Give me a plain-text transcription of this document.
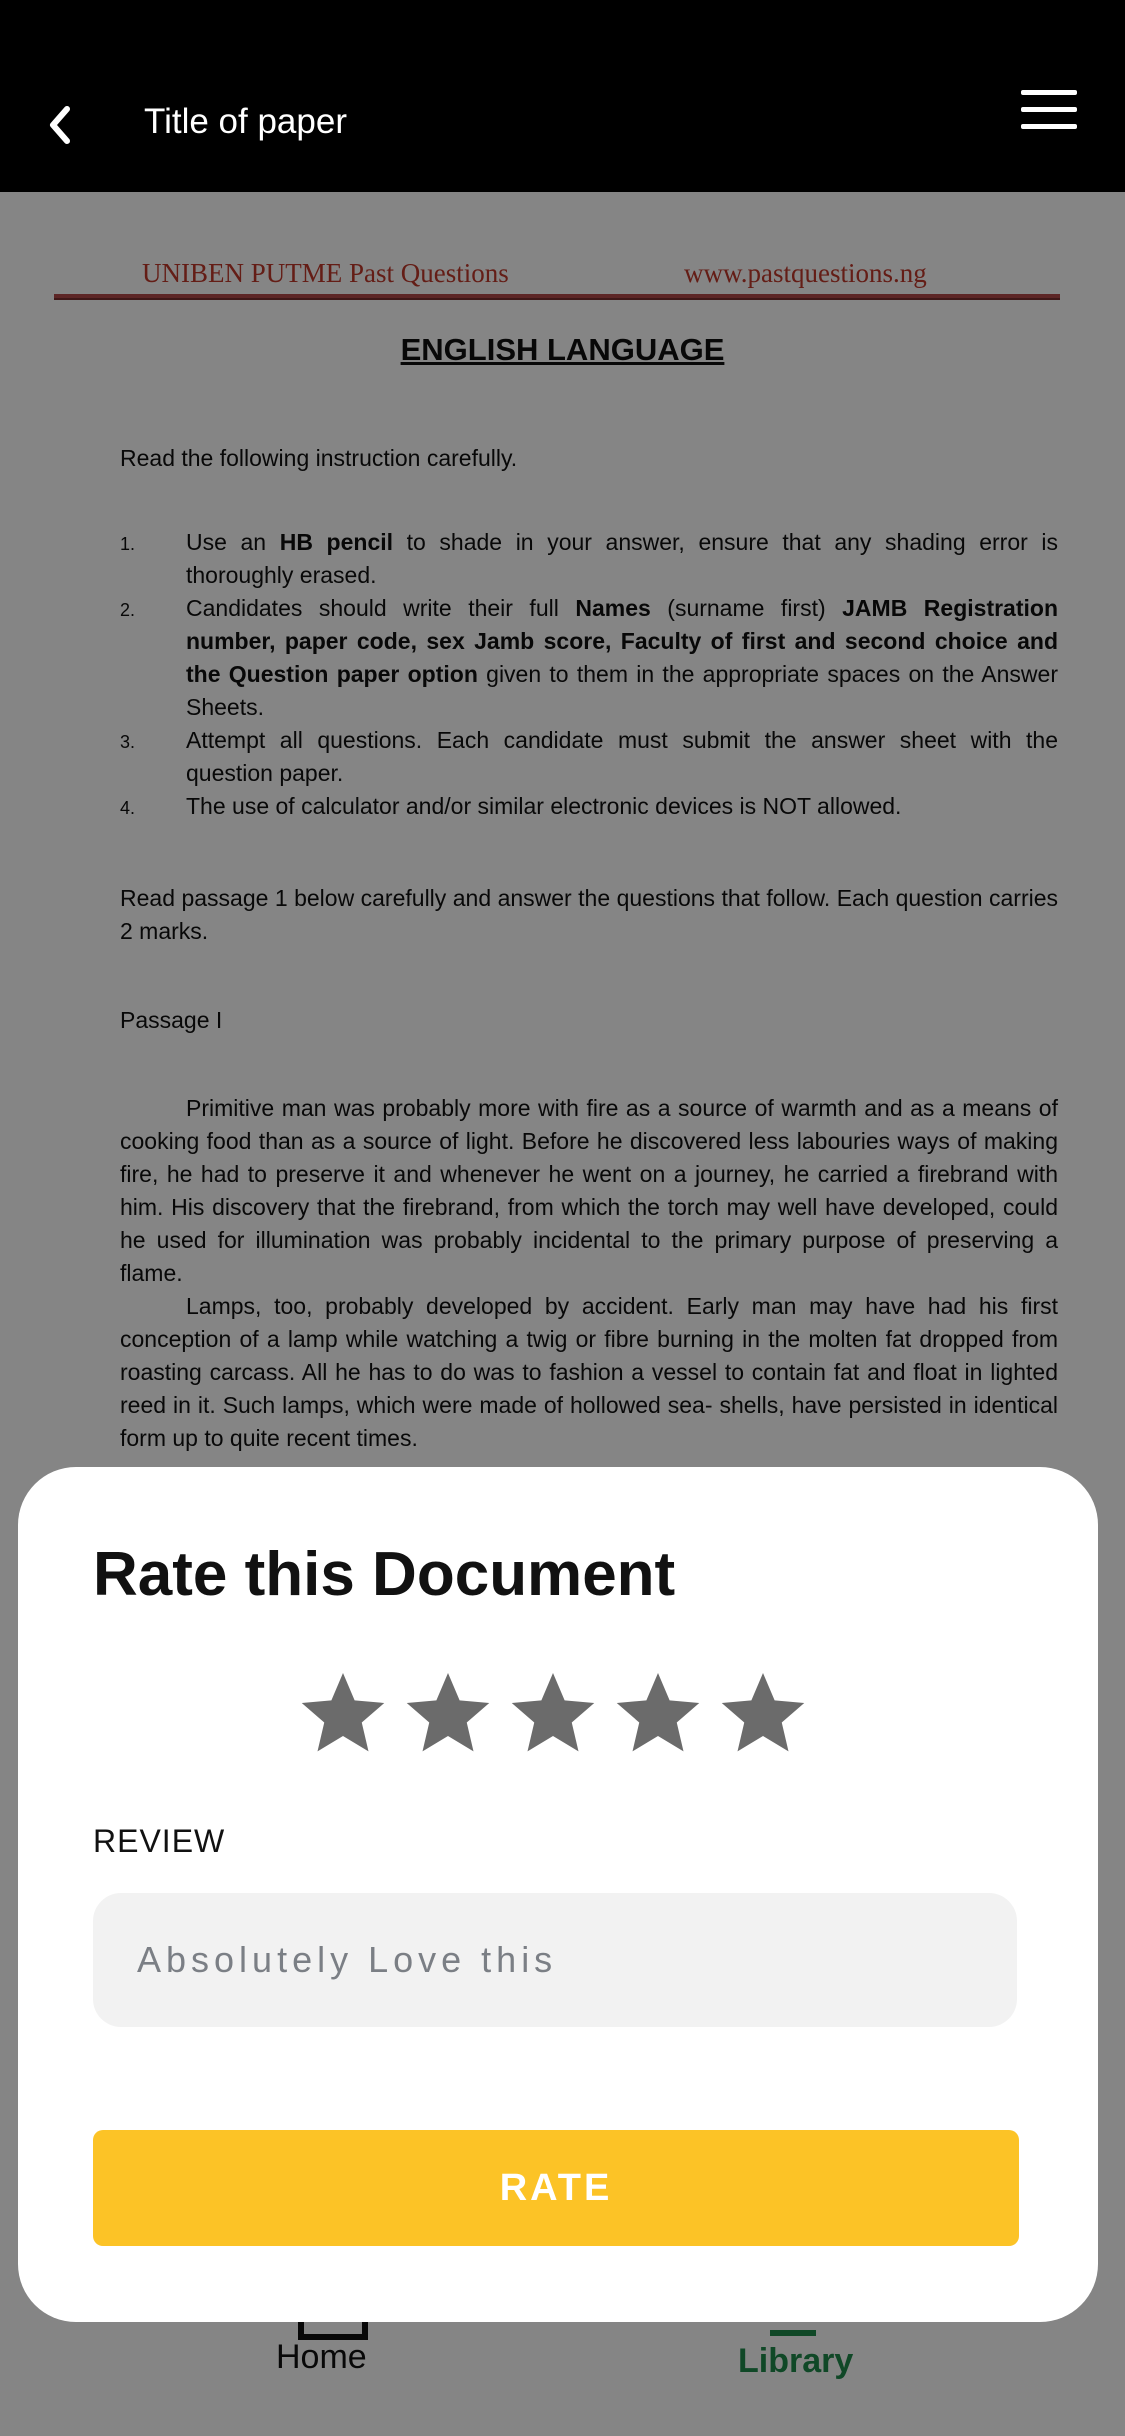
Title of paper
UNIBEN PUTME Past Questions	www.pastquestions.ng
ENGLISH LANGUAGE
Read the following instruction carefully.
1. Use an HB pencil to shade in your answer, ensure that any shading error is thoroughly erased.
2. Candidates should write their full Names (surname first) JAMB Registration number, paper code, sex Jamb score, Faculty of first and second choice and the Question paper option given to them in the appropriate spaces on the Answer Sheets.
3. Attempt all questions. Each candidate must submit the answer sheet with the question paper.
4. The use of calculator and/or similar electronic devices is NOT allowed.
Read passage 1 below carefully and answer the questions that follow. Each question carries 2 marks.
Passage I
Primitive man was probably more with fire as a source of warmth and as a means of cooking food than as a source of light. Before he discovered less labouries ways of making fire, he had to preserve it and whenever he went on a journey, he carried a firebrand with him. His discovery that the firebrand, from which the torch may well have developed, could he used for illumination was probably incidental to the primary purpose of preserving a flame.
Lamps, too, probably developed by accident. Early man may have had his first conception of a lamp while watching a twig or fibre burning in the molten fat dropped from roasting carcass. All he has to do was to fashion a vessel to contain fat and float in lighted reed in it. Such lamps, which were made of hollowed sea- shells, have persisted in identical form up to quite recent times.
Home	Library
Rate this Document
REVIEW
Absolutely Love this
RATE
